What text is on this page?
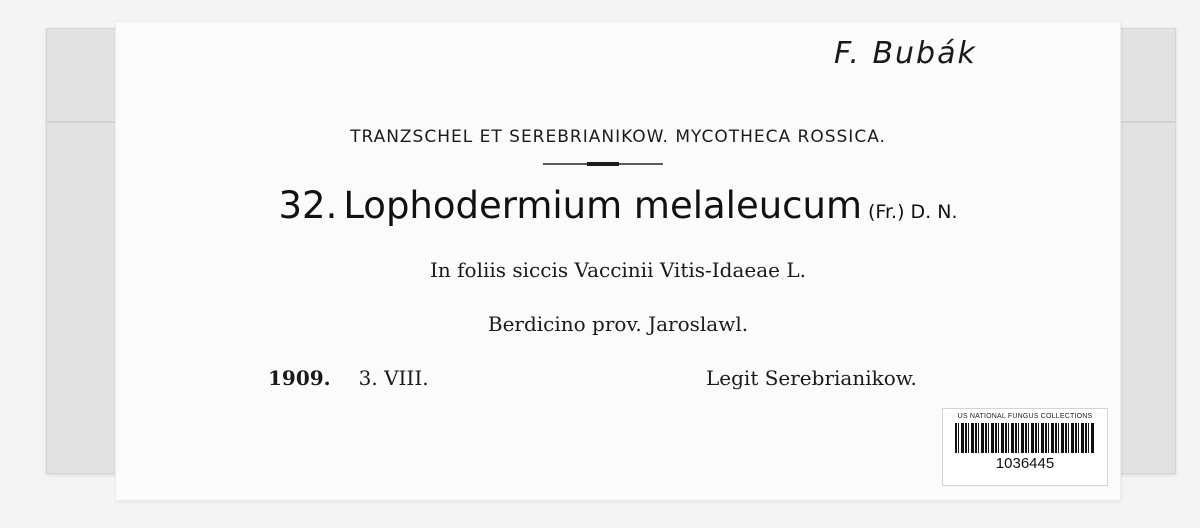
F. Bubák
TRANZSCHEL ET SEREBRIANIKOW. MYCOTHECA ROSSICA.
32. Lophodermium melaleucum (Fr.) D. N.
In foliis siccis Vaccinii Vitis-Idaeae L.
Berdicino prov. Jaroslawl.
1909. 3. VIII.	Legit Serebrianikow.
US NATIONAL FUNGUS COLLECTIONS
1036445
